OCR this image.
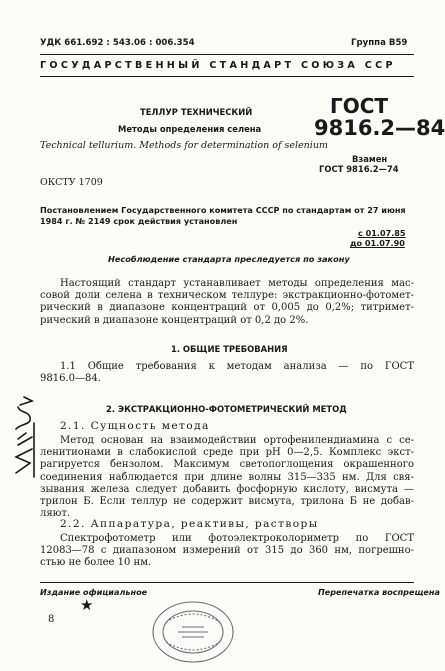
УДК 661.692 : 543.06 : 006.354	Группа В59
ГОСУДАРСТВЕННЫЙ СТАНДАРТ СОЮЗА ССР
ТЕЛЛУР ТЕХНИЧЕСКИЙ
Методы определения селена
Technical tellurium. Methods for determination of selenium
ГОСТ
9816.2—84
Взамен
ГОСТ 9816.2—74
ОКСТУ 1709
Постановлением Государственного комитета СССР по стандартам от 27 июня
1984 г. № 2149 срок действия установлен
с 01.07.85
до 01.07.90
Несоблюдение стандарта преследуется по закону
Настоящий стандарт устанавливает методы определения мас-
совой доли селена в техническом теллуре: экстракционно-фотомет-
рический в диапазоне концентраций от 0,005 до 0,2%; титримет-
рический в диапазоне концентраций от 0,2 до 2%.
1. ОБЩИЕ ТРЕБОВАНИЯ
1.1 Общие требования к методам анализа — по ГОСТ
9816.0—84.
2. ЭКСТРАКЦИОННО-ФОТОМЕТРИЧЕСКИЙ МЕТОД
2.1. Сущность метода
Метод основан на взаимодействии ортофенилендиамина с се-
ленитионами в слабокислой среде при pH 0—2,5. Комплекс экст-
рагируется бензолом. Максимум светопоглощения окрашенного
соединения наблюдается при длине волны 315—335 нм. Для свя-
зывания железа следует добавить фосфорную кислоту, висмута —
трилон Б. Если теллур не содержит висмута, трилона Б не добав-
ляют.
2.2. Аппаратура, реактивы, растворы
Спектрофотометр или фотоэлектроколориметр по ГОСТ
12083—78 с диапазоном измерений от 315 до 360 нм, погрешно-
стью не более 10 нм.
Издание официальное	Перепечатка воспрещена
★
8
